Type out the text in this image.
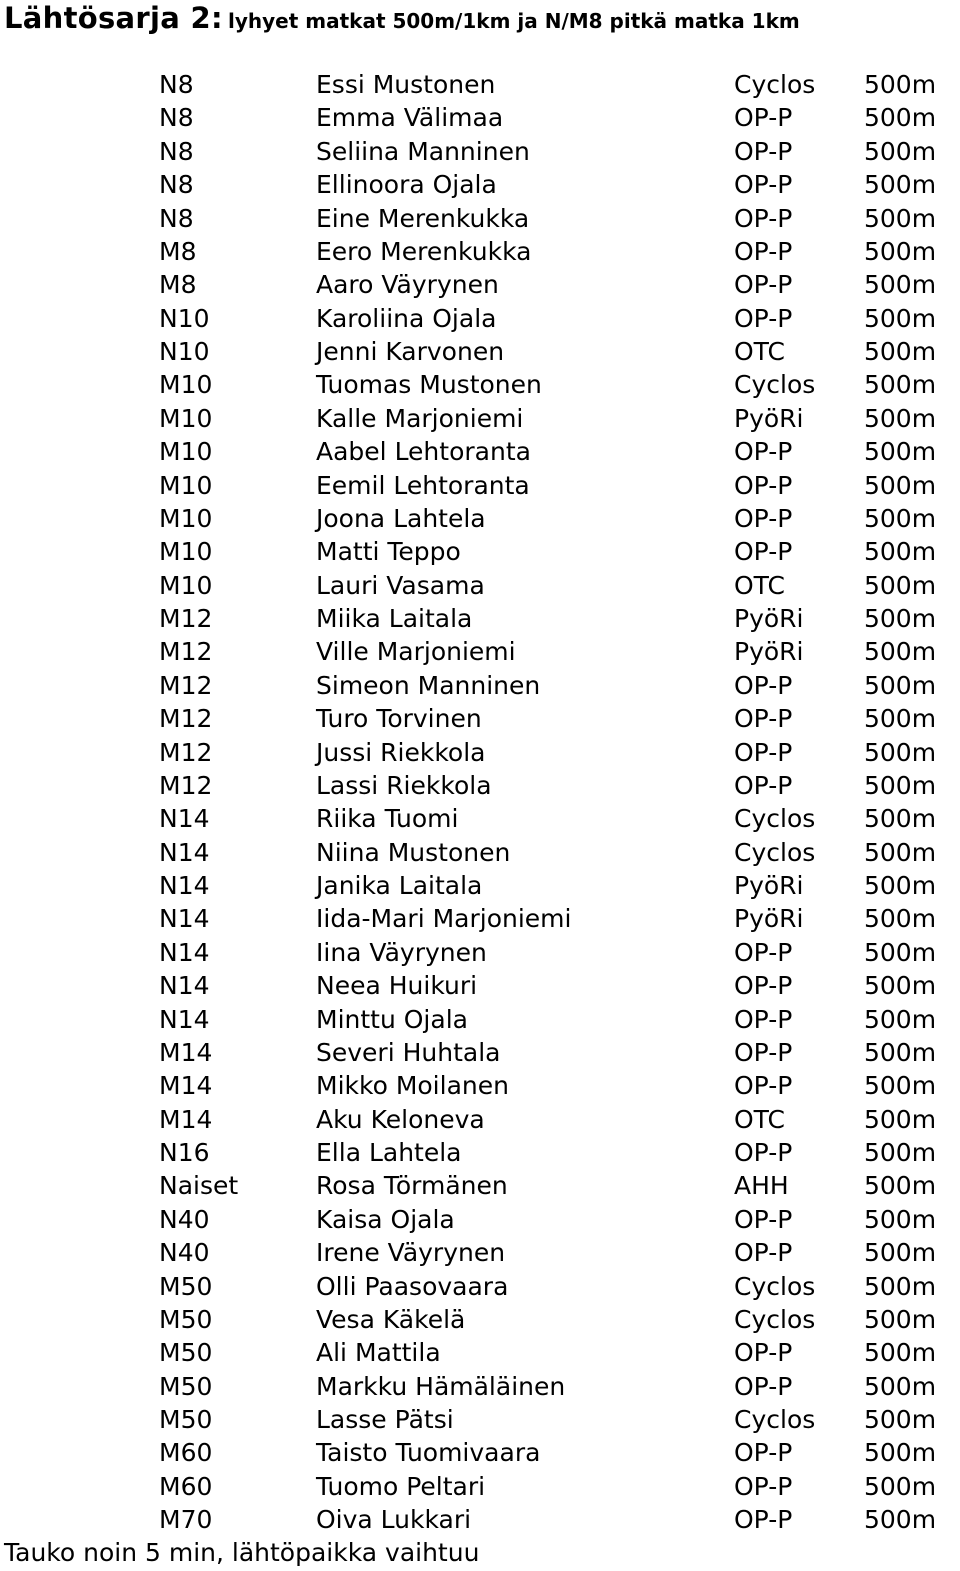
Lähtösarja 2: lyhyet matkat 500m/1km ja N/M8 pitkä matka 1km
N8	Essi Mustonen	Cyclos 500m
N8	Emma Välimaa	OP-P	500m
N8	Seliina Manninen	OP-P	500m
N8	Ellinoora Ojala	OP-P	500m
N8	Eine Merenkukka	OP-P	500m
M8	Eero Merenkukka	OP-P	500m
M8	Aaro Väyrynen	OP-P	500m
N10	Karoliina Ojala	OP-P	500m
N10	Jenni Karvonen	OTC	500m
M10	Tuomas Mustonen	Cyclos 500m
M10	Kalle Marjoniemi	PyöRi 500m
M10	Aabel Lehtoranta	OP-P	500m
M10	Eemil Lehtoranta	OP-P	500m
M10	Joona Lahtela	OP-P	500m
M10	Matti Teppo	OP-P	500m
M10	Lauri Vasama	OTC	500m
M12	Miika Laitala	PyöRi 500m
M12	Ville Marjoniemi	PyöRi 500m
M12	Simeon Manninen	OP-P	500m
M12	Turo Torvinen	OP-P	500m
M12	Jussi Riekkola	OP-P	500m
M12	Lassi Riekkola	OP-P	500m
N14	Riika Tuomi	Cyclos 500m
N14	Niina Mustonen	Cyclos 500m
N14	Janika Laitala	PyöRi 500m
N14	Iida-Mari Marjoniemi	PyöRi 500m
N14	Iina Väyrynen	OP-P	500m
N14	Neea Huikuri	OP-P	500m
N14	Minttu Ojala	OP-P	500m
M14	Severi Huhtala	OP-P	500m
M14	Mikko Moilanen	OP-P	500m
M14	Aku Keloneva	OTC	500m
N16	Ella Lahtela	OP-P	500m
Naiset	Rosa Törmänen	AHH	500m
N40	Kaisa Ojala	OP-P	500m
N40	Irene Väyrynen	OP-P	500m
M50	Olli Paasovaara	Cyclos 500m
M50	Vesa Käkelä	Cyclos 500m
M50	Ali Mattila	OP-P	500m
M50	Markku Hämäläinen	OP-P	500m
M50	Lasse Pätsi	Cyclos 500m
M60	Taisto Tuomivaara	OP-P	500m
M60	Tuomo Peltari	OP-P	500m
M70	Oiva Lukkari	OP-P	500m
Tauko noin 5 min, lähtöpaikka vaihtuu
